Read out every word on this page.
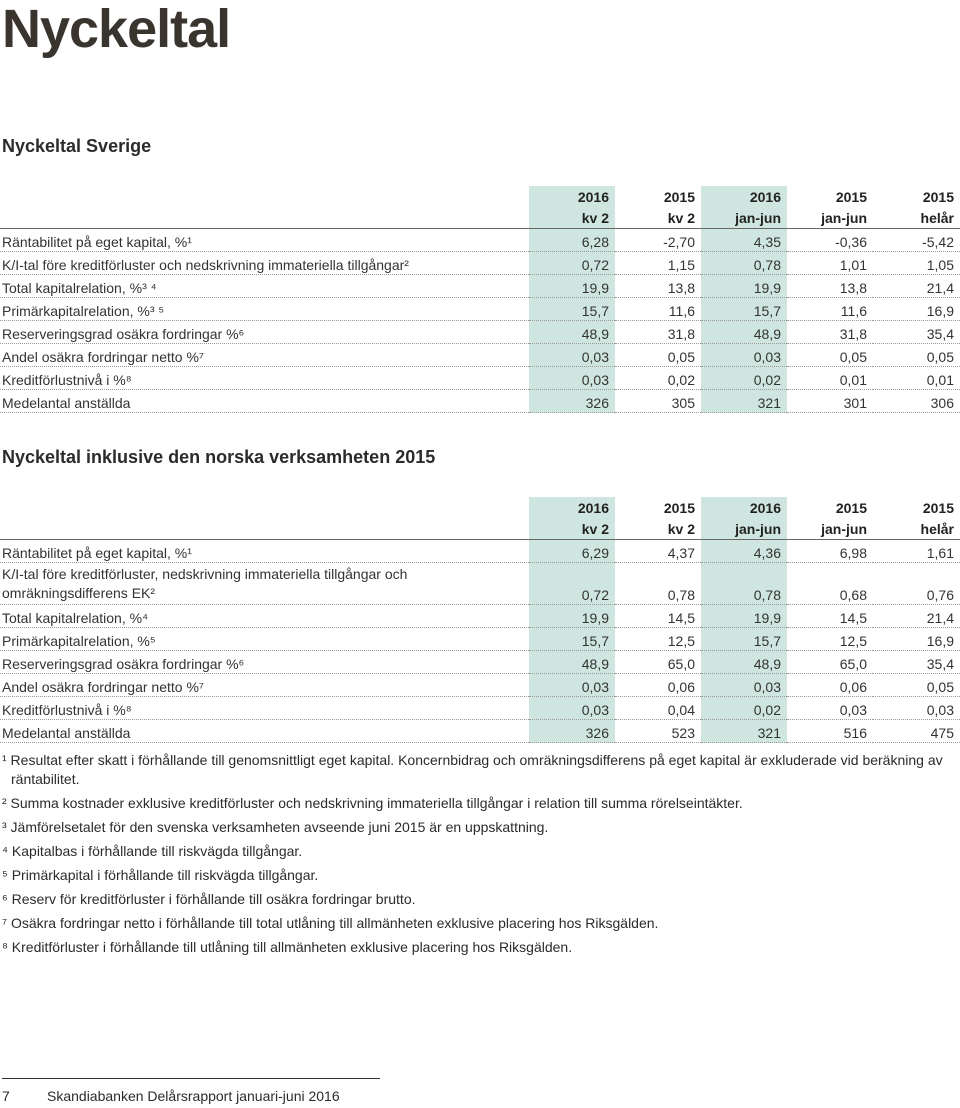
Nyckeltal
Nyckeltal Sverige
	2016	2015	2016	2015	2015
	kv 2	kv 2	jan-jun	jan-jun	helår
Räntabilitet på eget kapital, %¹	6,28	-2,70	4,35	-0,36	-5,42
K/I-tal före kreditförluster och nedskrivning immateriella tillgångar²	0,72	1,15	0,78	1,01	1,05
Total kapitalrelation, %³ ⁴	19,9	13,8	19,9	13,8	21,4
Primärkapitalrelation, %³ ⁵	15,7	11,6	15,7	11,6	16,9
Reserveringsgrad osäkra fordringar %⁶	48,9	31,8	48,9	31,8	35,4
Andel osäkra fordringar netto %⁷	0,03	0,05	0,03	0,05	0,05
Kreditförlustnivå i %⁸	0,03	0,02	0,02	0,01	0,01
Medelantal anställda	326	305	321	301	306
Nyckeltal inklusive den norska verksamheten 2015
	2016	2015	2016	2015	2015
	kv 2	kv 2	jan-jun	jan-jun	helår
Räntabilitet på eget kapital, %¹	6,29	4,37	4,36	6,98	1,61
K/I-tal före kreditförluster, nedskrivning immateriella tillgångar och omräkningsdifferens EK²	0,72	0,78	0,78	0,68	0,76
Total kapitalrelation, %⁴	19,9	14,5	19,9	14,5	21,4
Primärkapitalrelation, %⁵	15,7	12,5	15,7	12,5	16,9
Reserveringsgrad osäkra fordringar %⁶	48,9	65,0	48,9	65,0	35,4
Andel osäkra fordringar netto %⁷	0,03	0,06	0,03	0,06	0,05
Kreditförlustnivå i %⁸	0,03	0,04	0,02	0,03	0,03
Medelantal anställda	326	523	321	516	475
¹ Resultat efter skatt i förhållande till genomsnittligt eget kapital. Koncernbidrag och omräkningsdifferens på eget kapital är exkluderade vid beräkning av räntabilitet.
² Summa kostnader exklusive kreditförluster och nedskrivning immateriella tillgångar i relation till summa rörelseintäkter.
³ Jämförelsetalet för den svenska verksamheten avseende juni 2015 är en uppskattning.
⁴ Kapitalbas i förhållande till riskvägda tillgångar.
⁵ Primärkapital i förhållande till riskvägda tillgångar.
⁶ Reserv för kreditförluster i förhållande till osäkra fordringar brutto.
⁷ Osäkra fordringar netto i förhållande till total utlåning till allmänheten exklusive placering hos Riksgälden.
⁸ Kreditförluster i förhållande till utlåning till allmänheten exklusive placering hos Riksgälden.
7	Skandiabanken Delårsrapport januari-juni 2016
